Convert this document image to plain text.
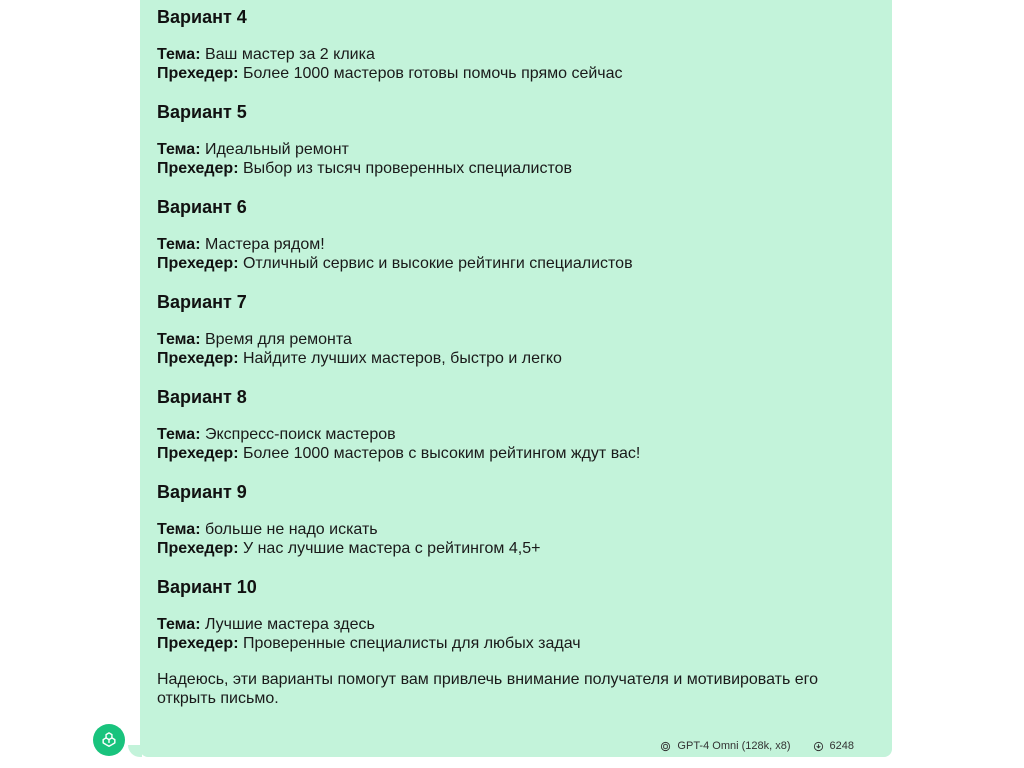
Вариант 4

Тема: Ваш мастер за 2 клика

Прехедер: Более 1000 мастеров готовы помочь прямо сейчас

Вариант 5

Тема: Идеальный ремонт

Прехедер: Выбор из тысяч проверенных специалистов

Вариант 6

Тема: Мастера рядом!

Прехедер: Отличный сервис и высокие рейтинги специалистов

Вариант 7

Тема: Время для ремонта

Прехедер: Найдите лучших мастеров, быстро и легко

Вариант 8

Тема: Экспресс-поиск мастеров

Прехедер: Более 1000 мастеров с высоким рейтингом ждут вас!

Вариант 9

Тема: больше не надо искать

Прехедер: У нас лучшие мастера с рейтингом 4,5+

Вариант 10

Тема: Лучшие мастера здесь

Прехедер: Проверенные специалисты для любых задач

Надеюсь, эти варианты помогут вам привлечь внимание получателя и мотивировать его открыть письмо.

GPT-4 Omni (128k, x8)	6248
